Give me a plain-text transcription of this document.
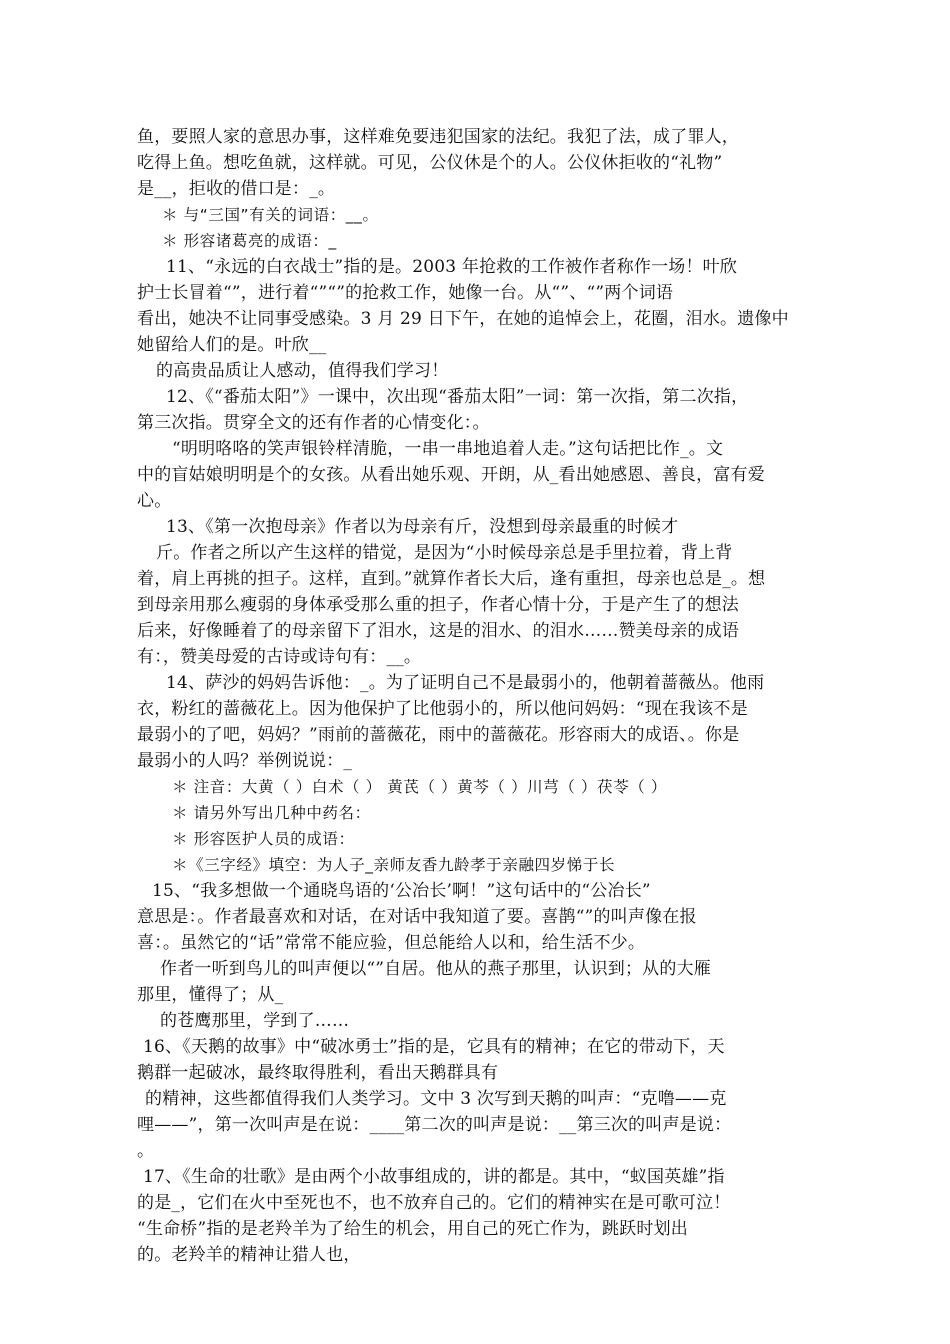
鱼，要照人家的意思办事，这样难免要违犯国家的法纪。我犯了法，成了罪人，
吃得上鱼。想吃鱼就，这样就。可见，公仪休是个的人。公仪休拒收的“礼物”
是__，拒收的借口是：_。
＊ 与“三国”有关的词语：__。
＊ 形容诸葛亮的成语：_
11、“永远的白衣战士”指的是。2003 年抢救的工作被作者称作一场！叶欣
护士长冒着“”，进行着“”“”的抢救工作，她像一台。从“”、“”两个词语
看出，她决不让同事受感染。3 月 29 日下午，在她的追悼会上，花圈，泪水。遗像中
她留给人们的是。叶欣__
的高贵品质让人感动，值得我们学习！
12、《“番茄太阳”》一课中，次出现“番茄太阳”一词：第一次指，第二次指，
第三次指。贯穿全文的还有作者的心情变化：。
“明明咯咯的笑声银铃样清脆，一串一串地追着人走。”这句话把比作_。文
中的盲姑娘明明是个的女孩。从看出她乐观、开朗，从_看出她感恩、善良，富有爱
心。
13、《第一次抱母亲》作者以为母亲有斤，没想到母亲最重的时候才
斤。作者之所以产生这样的错觉，是因为“小时候母亲总是手里拉着，背上背
着，肩上再挑的担子。这样，直到。”就算作者长大后，逢有重担，母亲也总是_。想
到母亲用那么瘦弱的身体承受那么重的担子，作者心情十分，于是产生了的想法
后来，好像睡着了的母亲留下了泪水，这是的泪水、的泪水……赞美母亲的成语
有：，赞美母爱的古诗或诗句有：__。
14、萨沙的妈妈告诉他：_。为了证明自己不是最弱小的，他朝着蔷薇丛。他雨
衣，粉红的蔷薇花上。因为他保护了比他弱小的，所以他问妈妈：“现在我该不是
最弱小的了吧，妈妈？”雨前的蔷薇花，雨中的蔷薇花。形容雨大的成语、。你是
最弱小的人吗？举例说说：_
＊ 注音：大黄（ ）白术（ ） 黄芪（ ）黄芩（ ）川芎（ ）茯苓（ ）
＊ 请另外写出几种中药名：
＊ 形容医护人员的成语：
＊《三字经》填空：为人子_亲师友香九龄孝于亲融四岁悌于长
15、“我多想做一个通晓鸟语的‘公冶长’啊！”这句话中的“公冶长”
意思是：。作者最喜欢和对话，在对话中我知道了要。喜鹊“”的叫声像在报
喜：。虽然它的“话”常常不能应验，但总能给人以和，给生活不少。
作者一听到鸟儿的叫声便以“”自居。他从的燕子那里，认识到；从的大雁
那里，懂得了；从_
的苍鹰那里，学到了……
16、《天鹅的故事》中“破冰勇士”指的是，它具有的精神；在它的带动下，天
鹅群一起破冰，最终取得胜利，看出天鹅群具有
的精神，这些都值得我们人类学习。文中 3 次写到天鹅的叫声：“克噜——克
哩——”，第一次叫声是在说：____第二次的叫声是说：__第三次的叫声是说：
。
17、《生命的壮歌》是由两个小故事组成的，讲的都是。其中，“蚁国英雄”指
的是_，它们在火中至死也不，也不放弃自己的。它们的精神实在是可歌可泣！
“生命桥”指的是老羚羊为了给生的机会，用自己的死亡作为，跳跃时划出
的。老羚羊的精神让猎人也，
